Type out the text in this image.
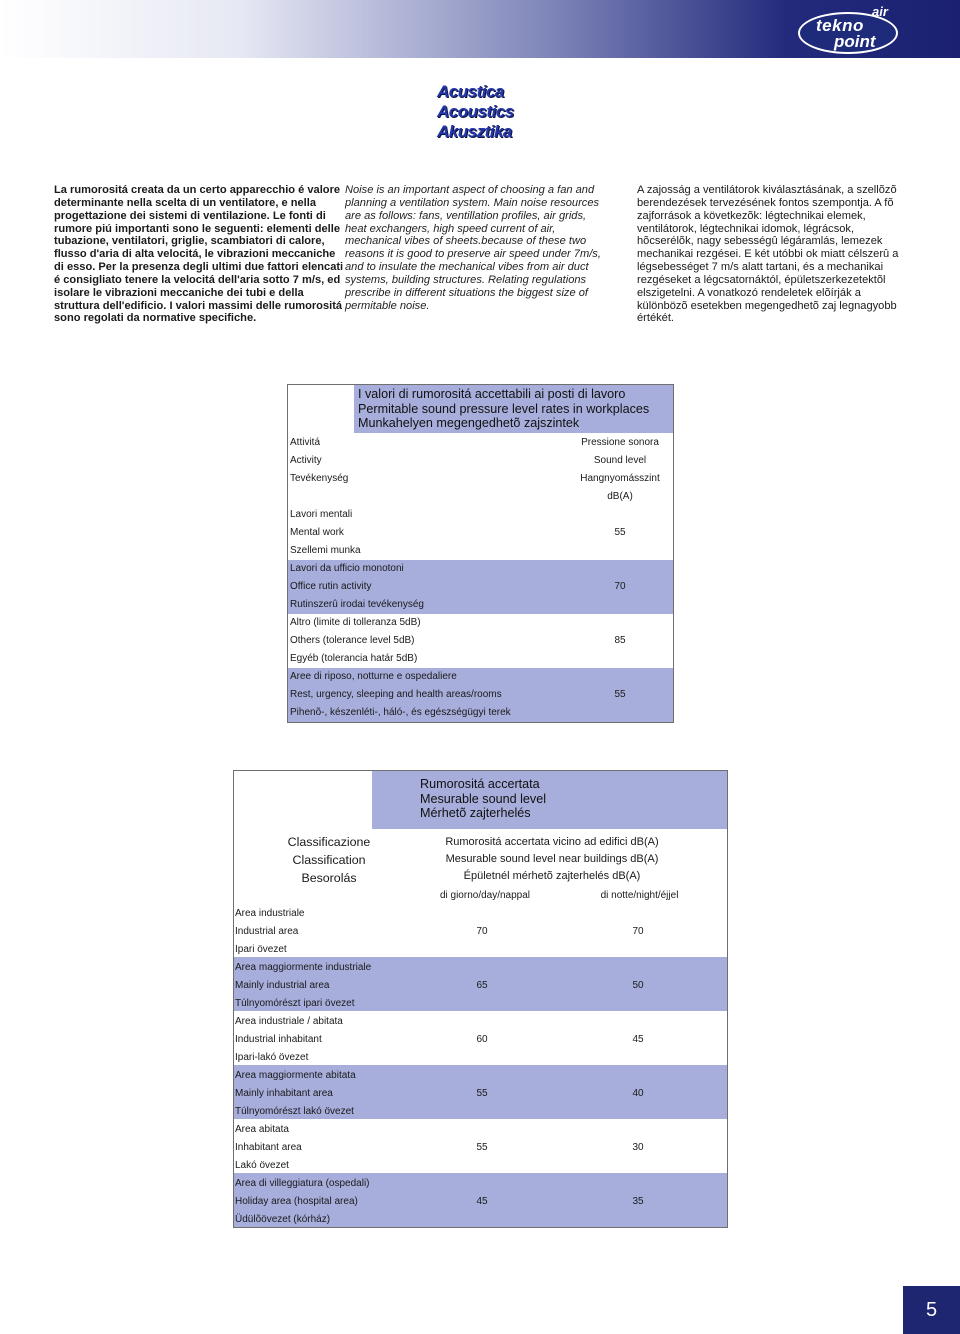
tekno
point
air
Acustica
Acoustics
Akusztika
La rumorositá creata da un certo apparecchio é valore determinante nella scelta di un ventilatore, e nella progettazione dei sistemi di ventilazione. Le fonti di rumore piú importanti sono le seguenti: elementi delle tubazione, ventilatori, griglie, scambiatori di calore, flusso d'aria di alta velocitá, le vibrazioni meccaniche di esso. Per la presenza degli ultimi due fattori elencati é consigliato tenere la velocitá dell'aria sotto 7 m/s, ed isolare le vibrazioni meccaniche dei tubi e della struttura dell'edificio. I valori massimi delle rumorositá sono regolati da normative specifiche.
Noise is an important aspect of choosing a fan and planning a ventilation system. Main noise resources are as follows: fans, ventillation profiles, air grids, heat exchangers, high speed current of air, mechanical vibes of sheets.because of these two reasons it is good to preserve air speed under 7m/s, and to insulate the mechanical vibes from air duct systems, building structures. Relating regulations prescribe in different situations the biggest size of permitable noise.
A zajosság a ventilátorok kiválasztásának, a szellõzõ berendezések tervezésének fontos szempontja. A fõ zajforrások a következõk: légtechnikai elemek, ventilátorok, légtechnikai idomok, légrácsok, hõcserélõk, nagy sebességû légáramlás, lemezek mechanikai rezgései. E két utóbbi ok miatt célszerû a légsebességet 7 m/s alatt tartani, és a mechanikai rezgéseket a légcsatornáktól, épületszerkezetektõl elszigetelni. A vonatkozó rendeletek elõírják a különbözõ esetekben megengedhetõ zaj legnagyobb értékét.
I valori di rumorositá accettabili ai posti di lavoro
Permitable sound pressure level rates in workplaces
Munkahelyen megengedhetõ zajszintek
Attivitá
Activity
Tevékenység
Pressione sonora
Sound level
Hangnyomásszint
dB(A)
Lavori mentali
Mental work
Szellemi munka
55
Lavori da ufficio monotoni
Office rutin activity
Rutinszerû irodai tevékenység
70
Altro (limite di tolleranza 5dB)
Others (tolerance level 5dB)
Egyéb (tolerancia határ 5dB)
85
Aree di riposo, notturne e ospedaliere
Rest, urgency, sleeping and health areas/rooms
Pihenõ-, készenléti-, háló-, és egészségügyi terek
55
Rumorositá accertata
Mesurable sound level
Mérhetõ zajterhelés
Classificazione
Classification
Besorolás
Rumorositá accertata vicino ad edifici dB(A)
Mesurable sound level near buildings dB(A)
Épületnél mérhetõ zajterhelés dB(A)
di giorno/day/nappal	di notte/night/éjjel
Area industriale
Industrial area
Ipari övezet
70	70
Area maggiormente industriale
Mainly industrial area
Túlnyomórészt ipari övezet
65	50
Area industriale / abitata
Industrial inhabitant
Ipari-lakó övezet
60	45
Area maggiormente abitata
Mainly inhabitant area
Túlnyomórészt lakó övezet
55	40
Area abitata
Inhabitant area
Lakó övezet
55	30
Area di villeggiatura (ospedali)
Holiday area (hospital area)
Üdülõövezet (kórház)
45	35
5
